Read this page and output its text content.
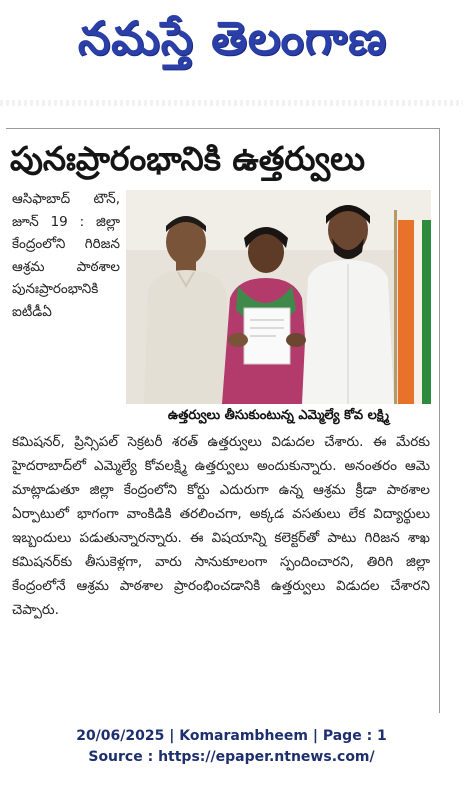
నమస్తే తెలంగాణ
పునఃప్రారంభానికి ఉత్తర్వులు
ఆసిఫాబాద్ టౌన్, జూన్ 19 : జిల్లా కేంద్రంలోని గిరిజన ఆశ్రమ పాఠశాల పునఃప్రారంభానికి ఐటీడీఏ
ఉత్తర్వులు తీసుకుంటున్న ఎమ్మెల్యే కోవ లక్ష్మి
కమిషనర్, ప్రిన్సిపల్ సెక్రటరీ శరత్ ఉత్తర్వులు విడుదల చేశారు. ఈ మేరకు హైదరాబాద్‌లో ఎమ్మెల్యే కోవలక్ష్మి ఉత్తర్వులు అందుకున్నారు. అనంతరం ఆమె మాట్లాడుతూ జిల్లా కేంద్రంలోని కోర్టు ఎదురుగా ఉన్న ఆశ్రమ క్రీడా పాఠశాల ఏర్పాటులో భాగంగా వాంకిడికి తరలించగా, అక్కడ వసతులు లేక విద్యార్థులు ఇబ్బందులు పడుతున్నారన్నారు. ఈ విషయాన్ని కలెక్టర్‌తో పాటు గిరిజన శాఖ కమిషనర్‌కు తీసుకెళ్లగా, వారు సానుకూలంగా స్పందించారని, తిరిగి జిల్లా కేంద్రంలోనే ఆశ్రమ పాఠశాల ప్రారంభించడానికి ఉత్తర్వులు విడుదల చేశారని చెప్పారు.
20/06/2025 | Komarambheem | Page : 1
Source : https://epaper.ntnews.com/
